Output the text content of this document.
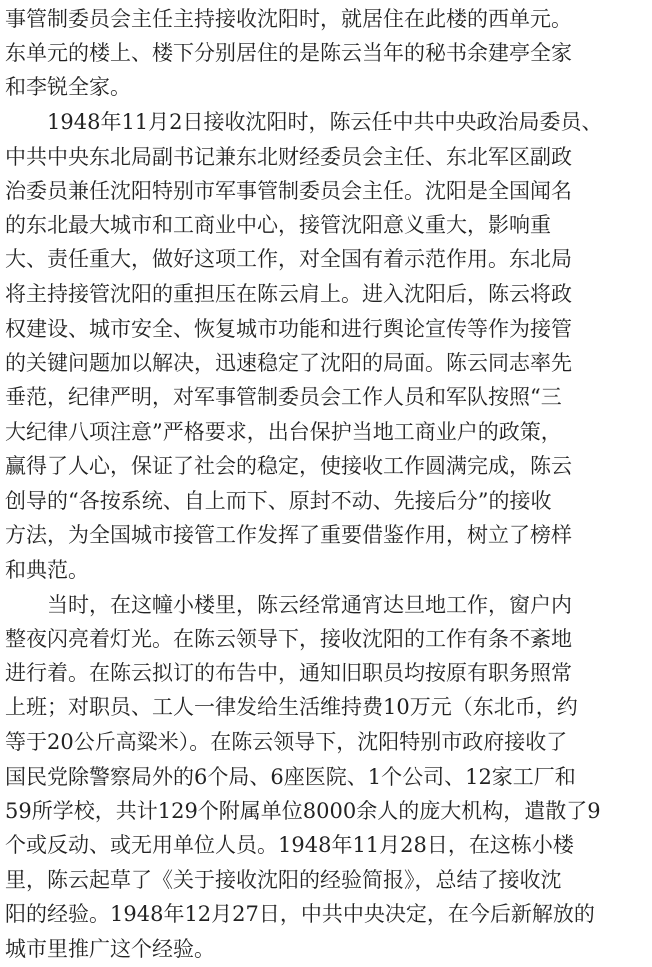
事管制委员会主任主持接收沈阳时，就居住在此楼的西单元。
东单元的楼上、楼下分别居住的是陈云当年的秘书余建亭全家
和李锐全家。
1948年11月2日接收沈阳时，陈云任中共中央政治局委员、
中共中央东北局副书记兼东北财经委员会主任、东北军区副政
治委员兼任沈阳特别市军事管制委员会主任。沈阳是全国闻名
的东北最大城市和工商业中心，接管沈阳意义重大，影响重
大、责任重大，做好这项工作，对全国有着示范作用。东北局
将主持接管沈阳的重担压在陈云肩上。进入沈阳后，陈云将政
权建设、城市安全、恢复城市功能和进行舆论宣传等作为接管
的关键问题加以解决，迅速稳定了沈阳的局面。陈云同志率先
垂范，纪律严明，对军事管制委员会工作人员和军队按照“三
大纪律八项注意”严格要求，出台保护当地工商业户的政策，
赢得了人心，保证了社会的稳定，使接收工作圆满完成，陈云
创导的“各按系统、自上而下、原封不动、先接后分”的接收
方法，为全国城市接管工作发挥了重要借鉴作用，树立了榜样
和典范。
当时，在这幢小楼里，陈云经常通宵达旦地工作，窗户内
整夜闪亮着灯光。在陈云领导下，接收沈阳的工作有条不紊地
进行着。在陈云拟订的布告中，通知旧职员均按原有职务照常
上班；对职员、工人一律发给生活维持费10万元（东北币，约
等于20公斤高粱米）。在陈云领导下，沈阳特别市政府接收了
国民党除警察局外的6个局、6座医院、1个公司、12家工厂和
59所学校，共计129个附属单位8000余人的庞大机构，遣散了9
个或反动、或无用单位人员。1948年11月28日，在这栋小楼
里，陈云起草了《关于接收沈阳的经验简报》，总结了接收沈
阳的经验。1948年12月27日，中共中央决定，在今后新解放的
城市里推广这个经验。
